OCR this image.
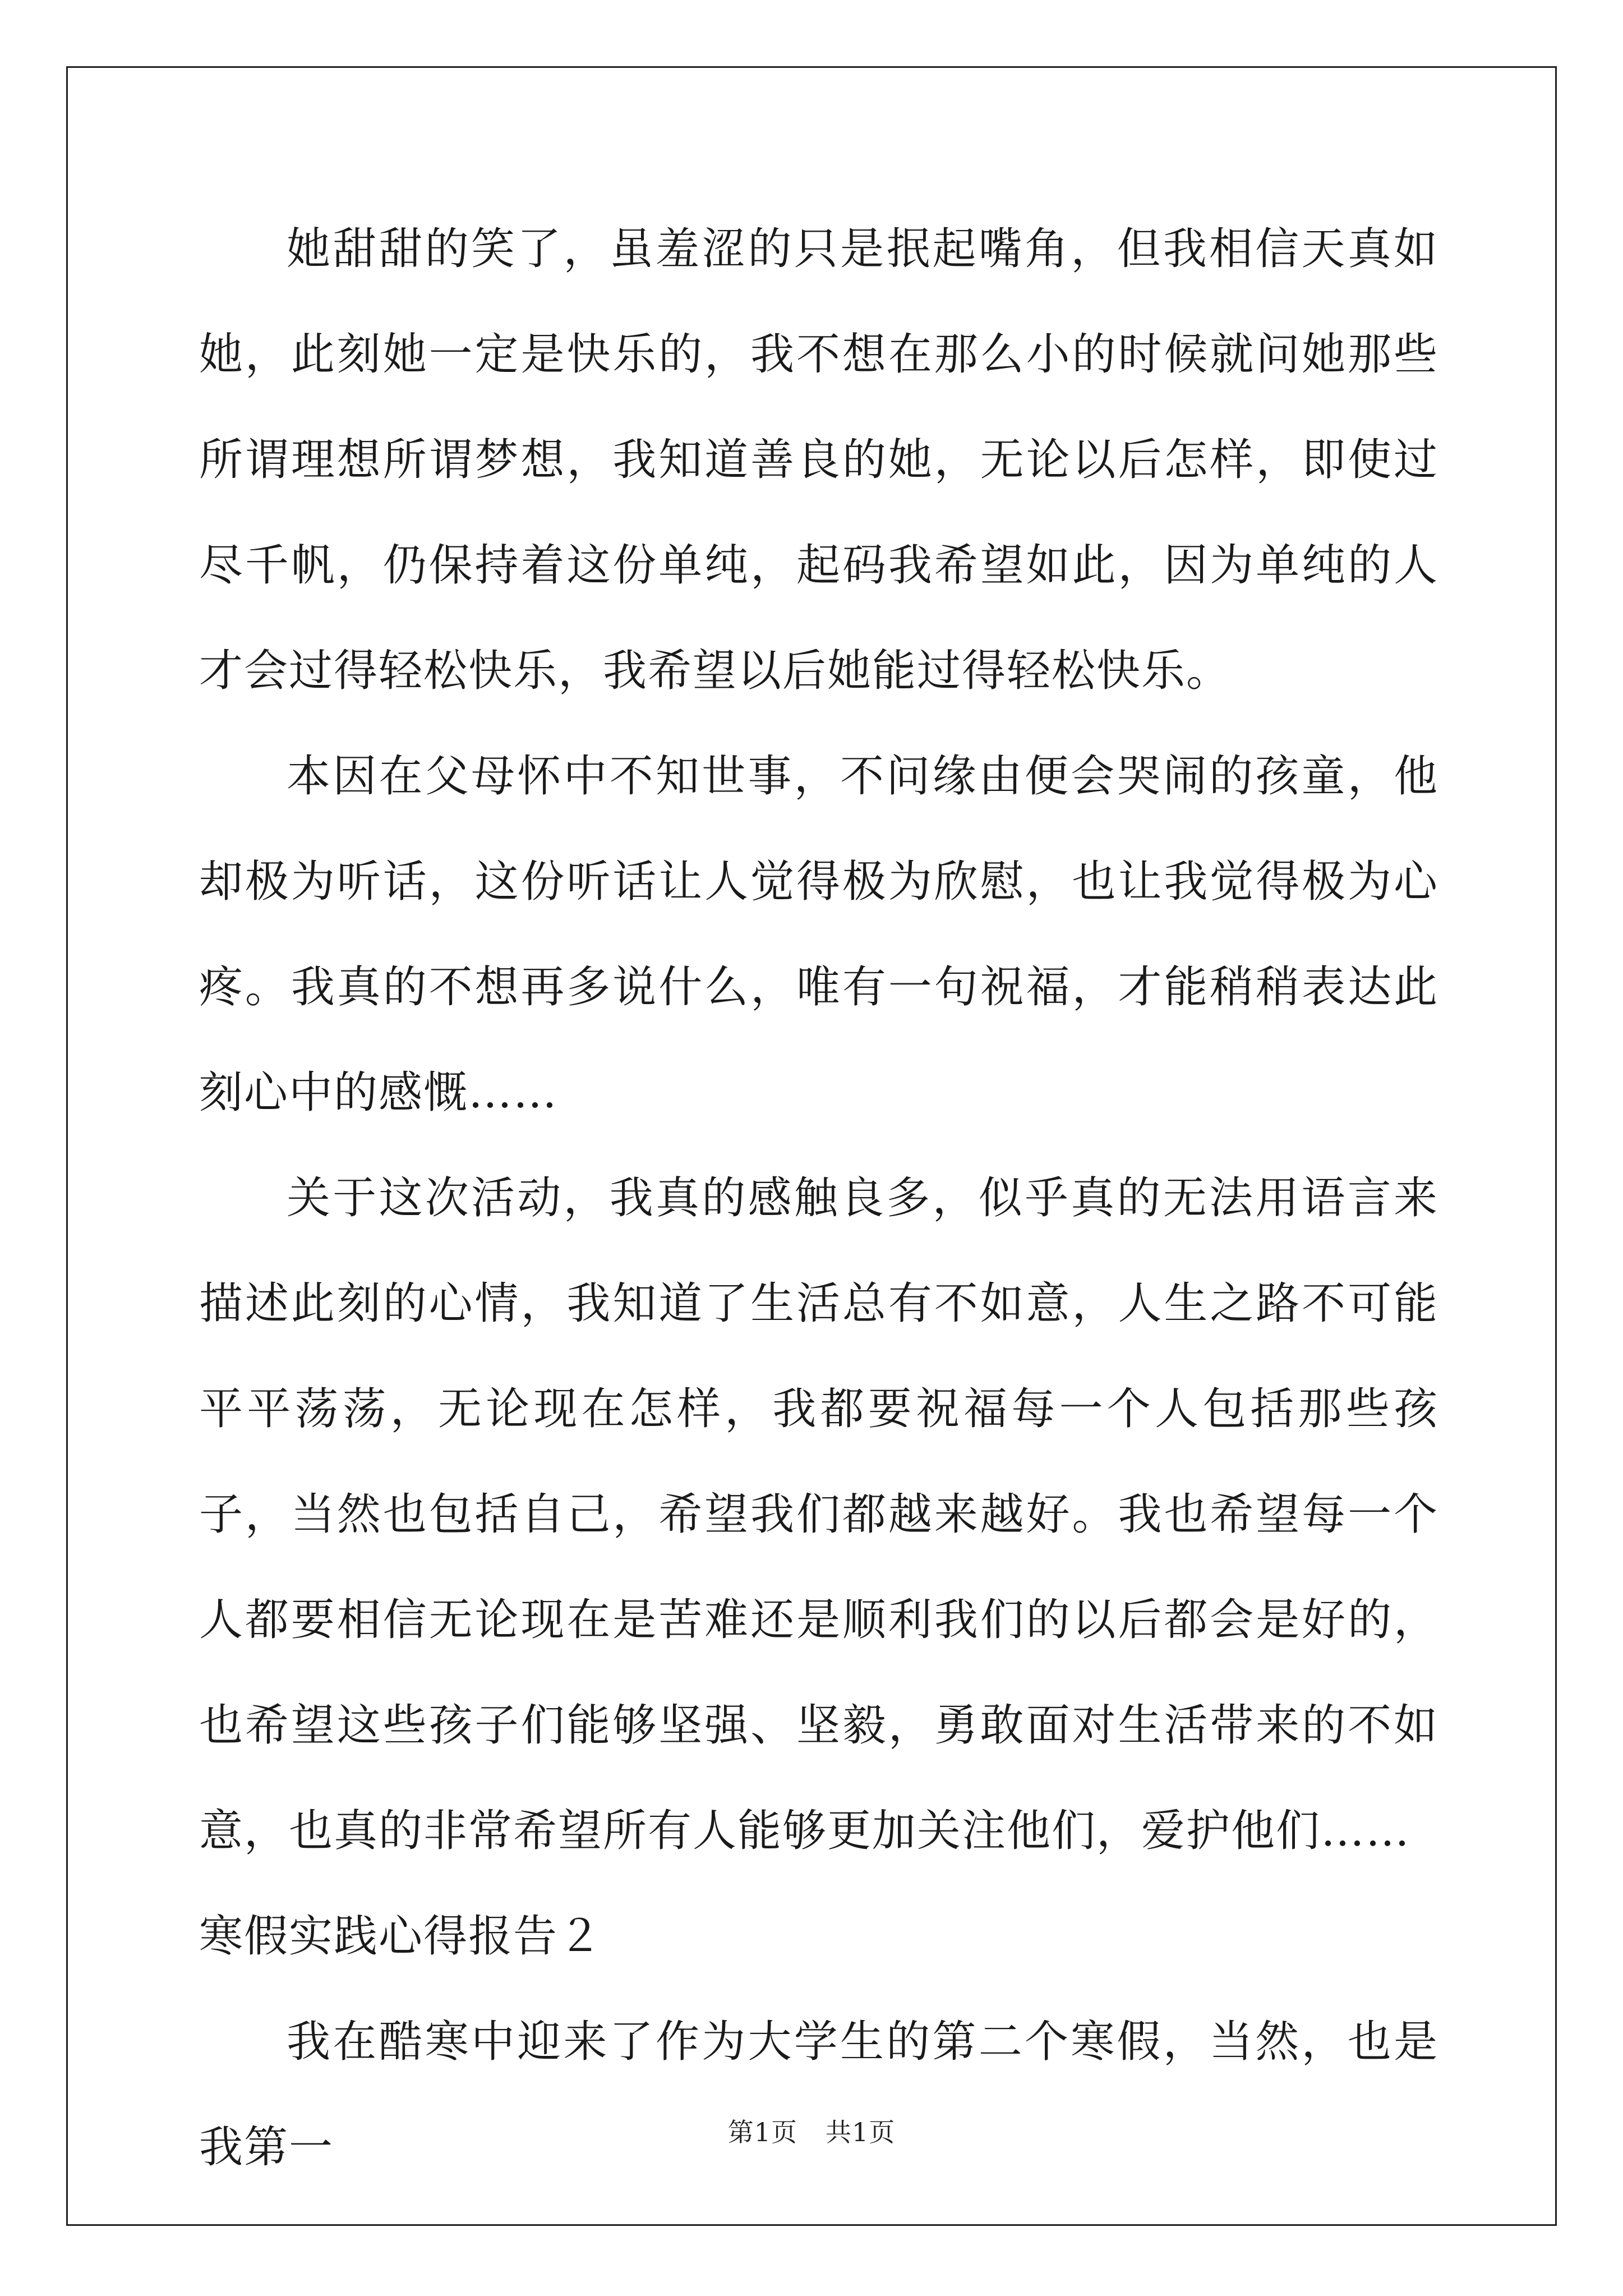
她甜甜的笑了，虽羞涩的只是抿起嘴角，但我相信天真如她，此刻她一定是快乐的，我不想在那么小的时候就问她那些所谓理想所谓梦想，我知道善良的她，无论以后怎样，即使过尽千帆，仍保持着这份单纯，起码我希望如此，因为单纯的人才会过得轻松快乐，我希望以后她能过得轻松快乐。

本因在父母怀中不知世事，不问缘由便会哭闹的孩童，他却极为听话，这份听话让人觉得极为欣慰，也让我觉得极为心疼。我真的不想再多说什么，唯有一句祝福，才能稍稍表达此刻心中的感慨……

关于这次活动，我真的感触良多，似乎真的无法用语言来描述此刻的心情，我知道了生活总有不如意，人生之路不可能平平荡荡，无论现在怎样，我都要祝福每一个人包括那些孩子，当然也包括自己，希望我们都越来越好。我也希望每一个人都要相信无论现在是苦难还是顺利我们的以后都会是好的，也希望这些孩子们能够坚强、坚毅，勇敢面对生活带来的不如意，也真的非常希望所有人能够更加关注他们，爱护他们……

寒假实践心得报告２

我在酷寒中迎来了作为大学生的第二个寒假，当然，也是我第一	第1页 共1页
